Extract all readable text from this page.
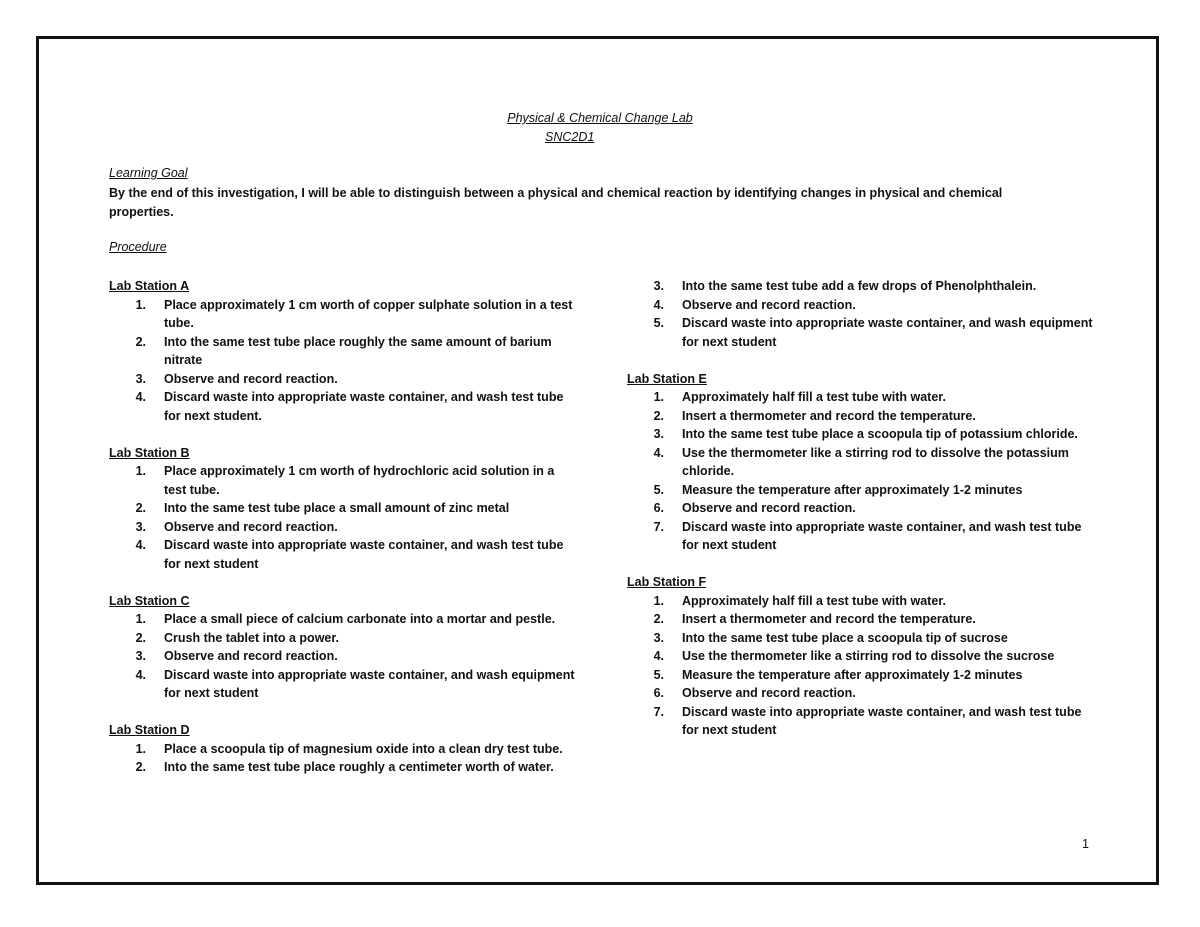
Physical & Chemical Change Lab
SNC2D1
Learning Goal
By the end of this investigation, I will be able to distinguish between a physical and chemical reaction by identifying changes in physical and chemical properties.
Procedure
Lab Station A
1.	Place approximately 1 cm worth of copper sulphate solution in a test tube.
2.	Into the same test tube place roughly the same amount of barium nitrate
3.	Observe and record reaction.
4.	Discard waste into appropriate waste container, and wash test tube for next student.
Lab Station B
1.	Place approximately 1 cm worth of hydrochloric acid solution in a test tube.
2.	Into the same test tube place a small amount of zinc metal
3.	Observe and record reaction.
4.	Discard waste into appropriate waste container, and wash test tube for next student
Lab Station C
1.	Place a small piece of calcium carbonate into a mortar and pestle.
2.	Crush the tablet into a power.
3.	Observe and record reaction.
4.	Discard waste into appropriate waste container, and wash equipment for next student
Lab Station D
1.	Place a scoopula tip of magnesium oxide into a clean dry test tube.
2.	Into the same test tube place roughly a centimeter worth of water.
3.	Into the same test tube add a few drops of Phenolphthalein.
4.	Observe and record reaction.
5.	Discard waste into appropriate waste container, and wash equipment for next student
Lab Station E
1.	Approximately half fill a test tube with water.
2.	Insert a thermometer and record the temperature.
3.	Into the same test tube place a scoopula tip of potassium chloride.
4.	Use the thermometer like a stirring rod to dissolve the potassium chloride.
5.	Measure the temperature after approximately 1-2 minutes
6.	Observe and record reaction.
7.	Discard waste into appropriate waste container, and wash test tube for next student
Lab Station F
1.	Approximately half fill a test tube with water.
2.	Insert a thermometer and record the temperature.
3.	Into the same test tube place a scoopula tip of sucrose
4.	Use the thermometer like a stirring rod to dissolve the sucrose
5.	Measure the temperature after approximately 1-2 minutes
6.	Observe and record reaction.
7.	Discard waste into appropriate waste container, and wash test tube for next student
1
